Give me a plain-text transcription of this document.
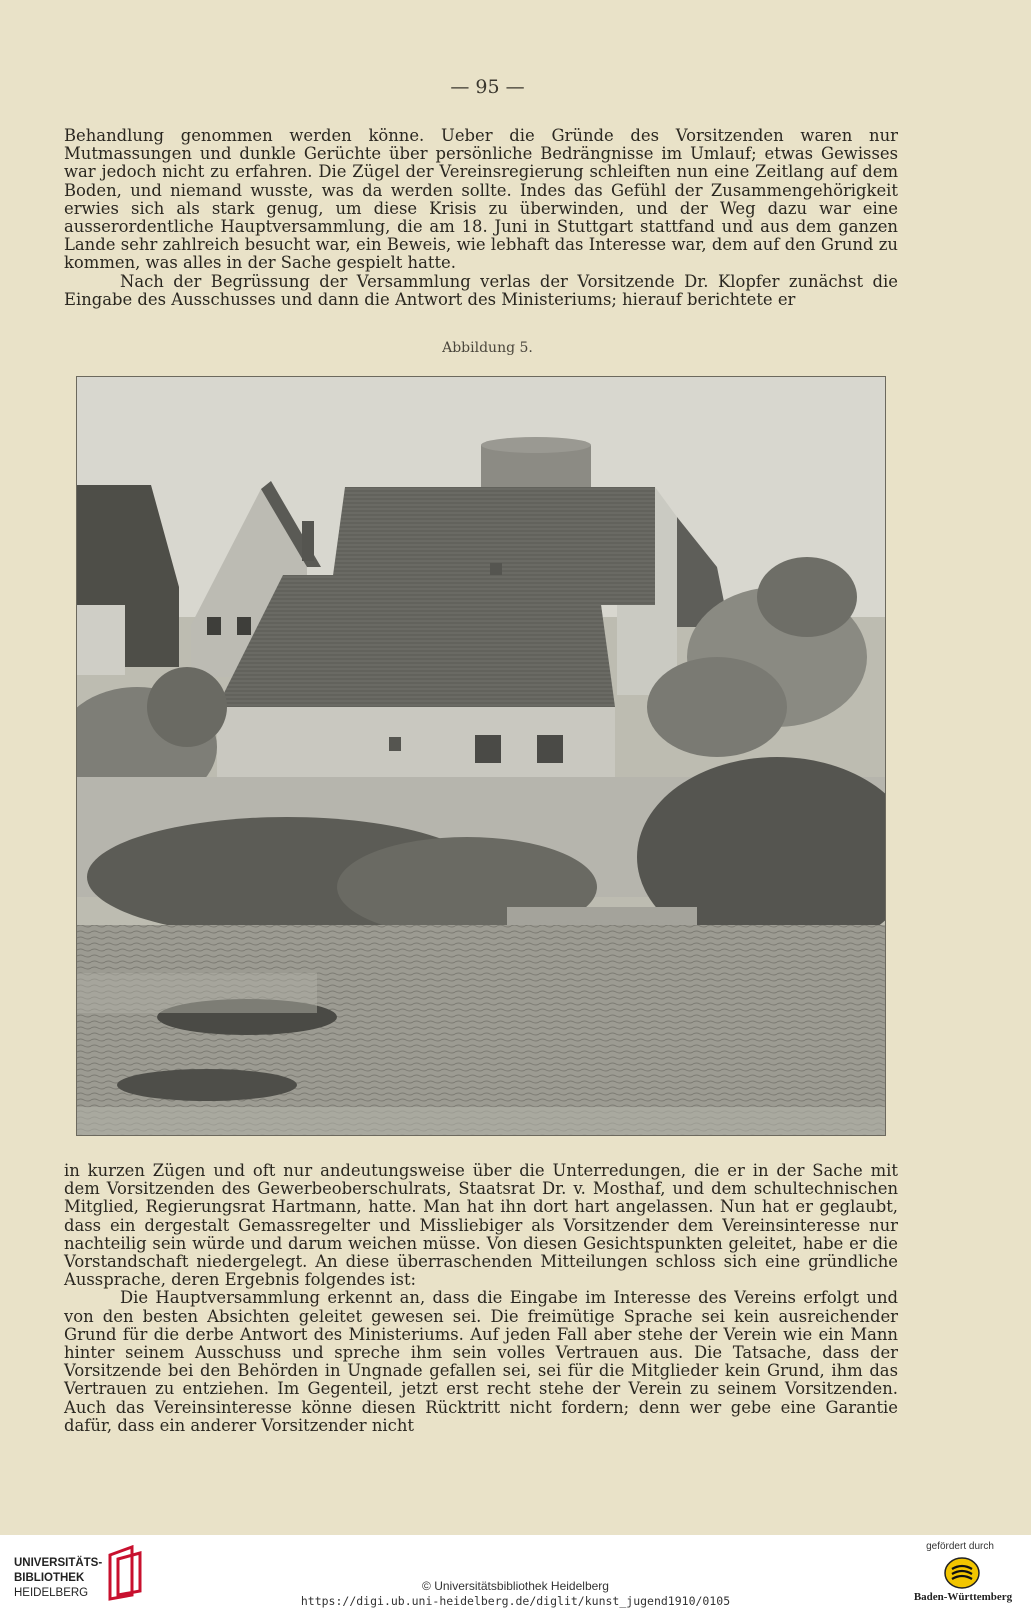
— 95 —

Behandlung genommen werden könne. Ueber die Gründe des Vorsitzenden waren nur Mutmassungen und dunkle Gerüchte über persönliche Bedrängnisse im Umlauf; etwas Gewisses war jedoch nicht zu erfahren. Die Zügel der Vereinsregierung schleiften nun eine Zeitlang auf dem Boden, und niemand wusste, was da werden sollte. Indes das Gefühl der Zusammengehörigkeit erwies sich als stark genug, um diese Krisis zu überwinden, und der Weg dazu war eine ausserordentliche Hauptversammlung, die am 18. Juni in Stuttgart stattfand und aus dem ganzen Lande sehr zahlreich besucht war, ein Beweis, wie lebhaft das Interesse war, dem auf den Grund zu kommen, was alles in der Sache gespielt hatte.

Nach der Begrüssung der Versammlung verlas der Vorsitzende Dr. Klopfer zunächst die Eingabe des Ausschusses und dann die Antwort des Ministeriums; hierauf berichtete er

Abbildung 5.

in kurzen Zügen und oft nur andeutungsweise über die Unterredungen, die er in der Sache mit dem Vorsitzenden des Gewerbeoberschulrats, Staatsrat Dr. v. Mosthaf, und dem schultechnischen Mitglied, Regierungsrat Hartmann, hatte. Man hat ihn dort hart angelassen. Nun hat er geglaubt, dass ein dergestalt Gemassregelter und Missliebiger als Vorsitzender dem Vereinsinteresse nur nachteilig sein würde und darum weichen müsse. Von diesen Gesichtspunkten geleitet, habe er die Vorstandschaft niedergelegt. An diese überraschenden Mitteilungen schloss sich eine gründliche Aussprache, deren Ergebnis folgendes ist:

Die Hauptversammlung erkennt an, dass die Eingabe im Interesse des Vereins erfolgt und von den besten Absichten geleitet gewesen sei. Die freimütige Sprache sei kein ausreichender Grund für die derbe Antwort des Ministeriums. Auf jeden Fall aber stehe der Verein wie ein Mann hinter seinem Ausschuss und spreche ihm sein volles Vertrauen aus. Die Tatsache, dass der Vorsitzende bei den Behörden in Ungnade gefallen sei, sei für die Mitglieder kein Grund, ihm das Vertrauen zu entziehen. Im Gegenteil, jetzt erst recht stehe der Verein zu seinem Vorsitzenden. Auch das Vereinsinteresse könne diesen Rücktritt nicht fordern; denn wer gebe eine Garantie dafür, dass ein anderer Vorsitzender nicht

UNIVERSITÄTS-
BIBLIOTHEK
HEIDELBERG	© Universitätsbibliothek Heidelberg
https://digi.ub.uni-heidelberg.de/diglit/kunst_jugend1910/0105
gefördert durch
Baden-Württemberg
